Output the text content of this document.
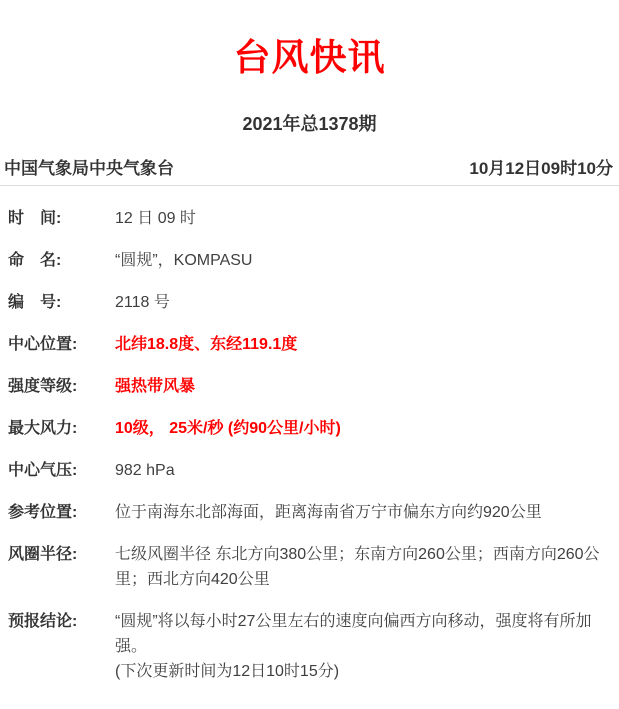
台风快讯
2021年总1378期
中国气象局中央气象台	10月12日09时10分
时　间:	12 日 09 时
命　名:	“圆规”，KOMPASU
编　号:	2118 号
中心位置:	北纬18.8度、东经119.1度
强度等级:	强热带风暴
最大风力:	10级， 25米/秒 (约90公里/小时)
中心气压:	982 hPa
参考位置:	位于南海东北部海面，距离海南省万宁市偏东方向约920公里
风圈半径:	七级风圈半径 东北方向380公里；东南方向260公里；西南方向260公里；西北方向420公里
预报结论:	“圆规”将以每小时27公里左右的速度向偏西方向移动，强度将有所加强。
(下次更新时间为12日10时15分)
